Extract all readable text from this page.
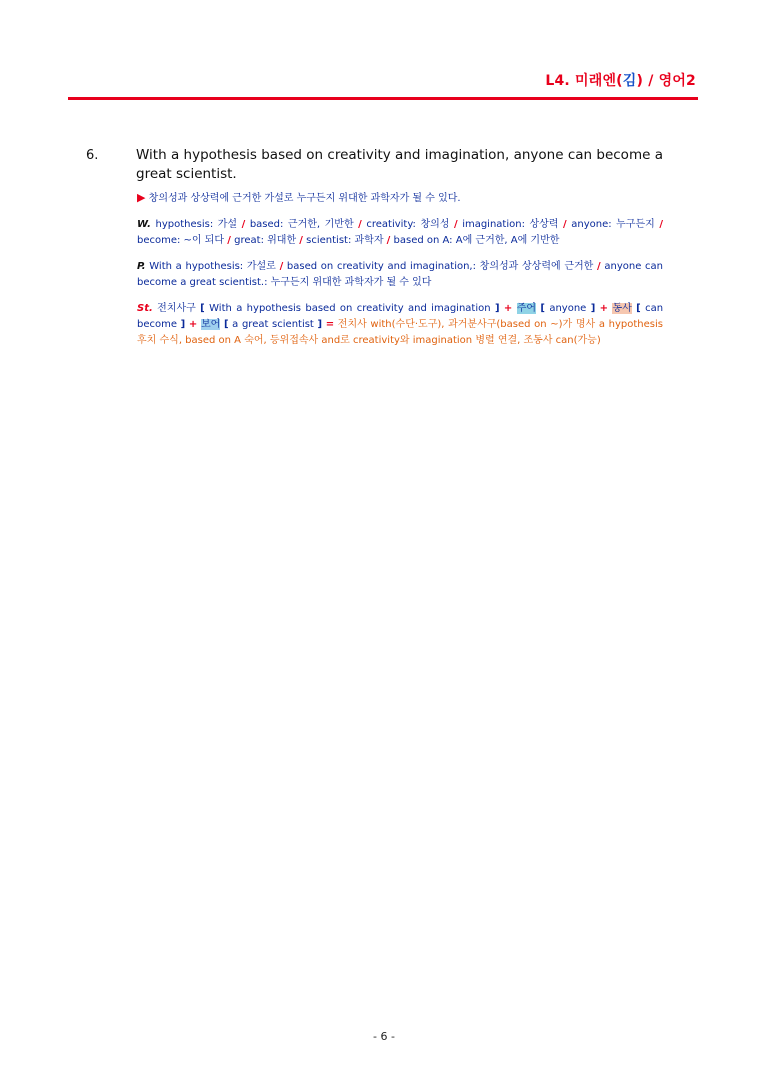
L4. 미래엔(김) / 영어2
6.	With a hypothesis based on creativity and imagination, anyone can become a great scientist.
▶ 창의성과 상상력에 근거한 가설로 누구든지 위대한 과학자가 될 수 있다.
W. hypothesis: 가설 / based: 근거한, 기반한 / creativity: 창의성 / imagination: 상상력 / anyone: 누구든지 / become: ~이 되다 / great: 위대한 / scientist: 과학자 / based on A: A에 근거한, A에 기반한
P. With a hypothesis: 가설로 / based on creativity and imagination,: 창의성과 상상력에 근거한 / anyone can become a great scientist.: 누구든지 위대한 과학자가 될 수 있다
St. 전치사구 [ With a hypothesis based on creativity and imagination ] + 주어 [ anyone ] + 동사 [ can become ] + 보어 [ a great scientist ] = 전치사 with(수단·도구), 과거분사구(based on ~)가 명사 a hypothesis 후치 수식, based on A 숙어, 등위접속사 and로 creativity와 imagination 병렬 연결, 조동사 can(가능)
- 6 -
